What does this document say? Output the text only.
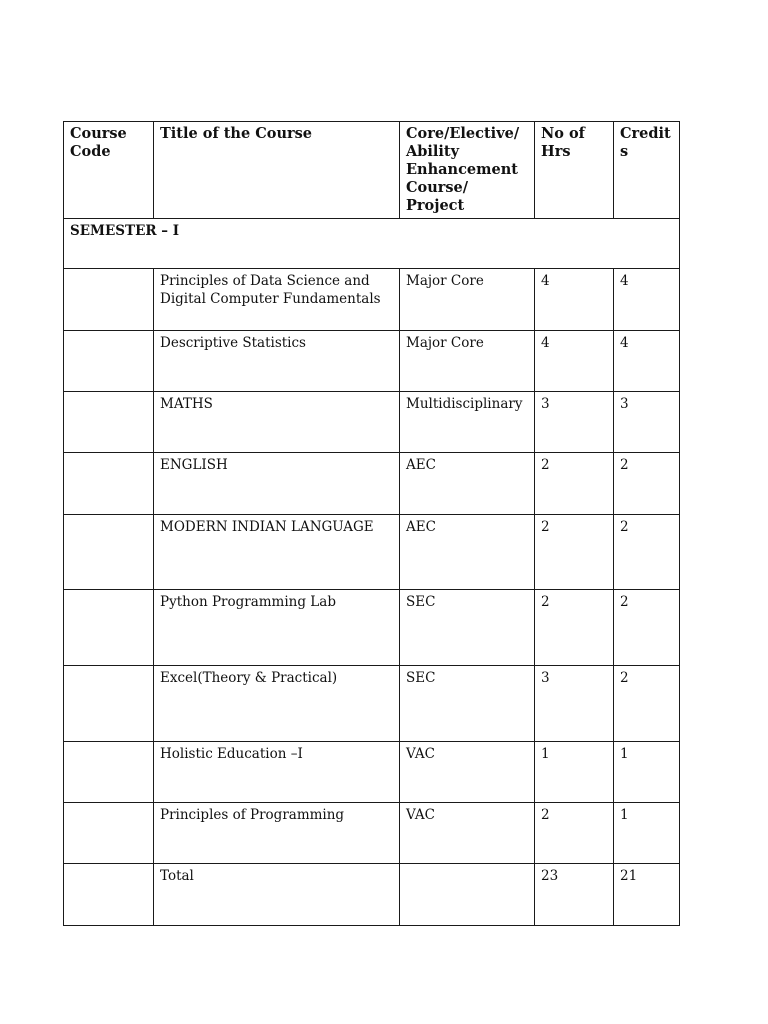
Course Code	Title of the Course	Core/Elective/ Ability Enhancement Course/ Project	No of Hrs	Credit s
SEMESTER – I				
	Principles of Data Science and Digital Computer Fundamentals	Major Core	4	4
	Descriptive Statistics	Major Core	4	4
	MATHS	Multidisciplinary	3	3
	ENGLISH	AEC	2	2
	MODERN INDIAN LANGUAGE	AEC	2	2
	Python Programming Lab	SEC	2	2
	Excel(Theory & Practical)	SEC	3	2
	Holistic Education –I	VAC	1	1
	Principles of Programming	VAC	2	1
	Total		23	21
